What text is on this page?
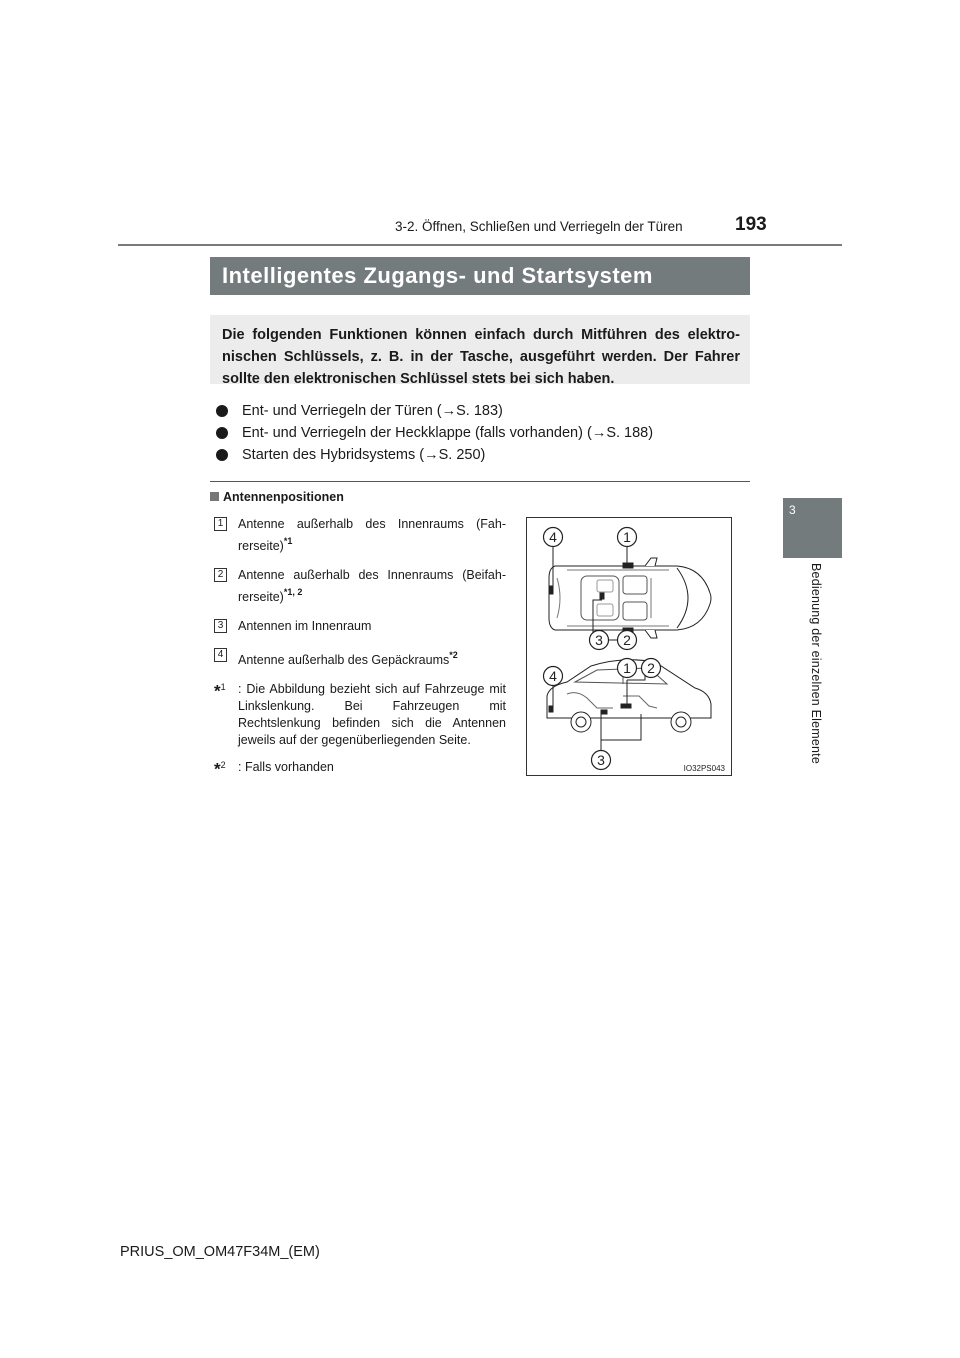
3-2. Öffnen, Schließen und Verriegeln der Türen	193
3
Bedienung der einzelnen Elemente
Intelligentes Zugangs- und Startsystem
Die folgenden Funktionen können einfach durch Mitführen des elektro-nischen Schlüssels, z. B. in der Tasche, ausgeführt werden. Der Fahrer sollte den elektronischen Schlüssel stets bei sich haben.
Ent- und Verriegeln der Türen (→S. 183)
Ent- und Verriegeln der Heckklappe (falls vorhanden) (→S. 188)
Starten des Hybridsystems (→S. 250)
Antennenpositionen
1 Antenne außerhalb des Innenraums (Fah-rerseite)$^{*1}$
2 Antenne außerhalb des Innenraums (Beifah-rerseite)$^{*1, 2}$
3 Antennen im Innenraum
4 Antenne außerhalb des Gepäckraums$^{*2}$
*$^1$ : Die Abbildung bezieht sich auf Fahrzeuge mit Linkslenkung. Bei Fahrzeugen mit Rechtslenkung befinden sich die Antennen jeweils auf der gegenüberliegenden Seite.
*$^2$ : Falls vorhanden
4	1
3 2
4	1 2
3
IO32PS043
PRIUS_OM_OM47F34M_(EM)
